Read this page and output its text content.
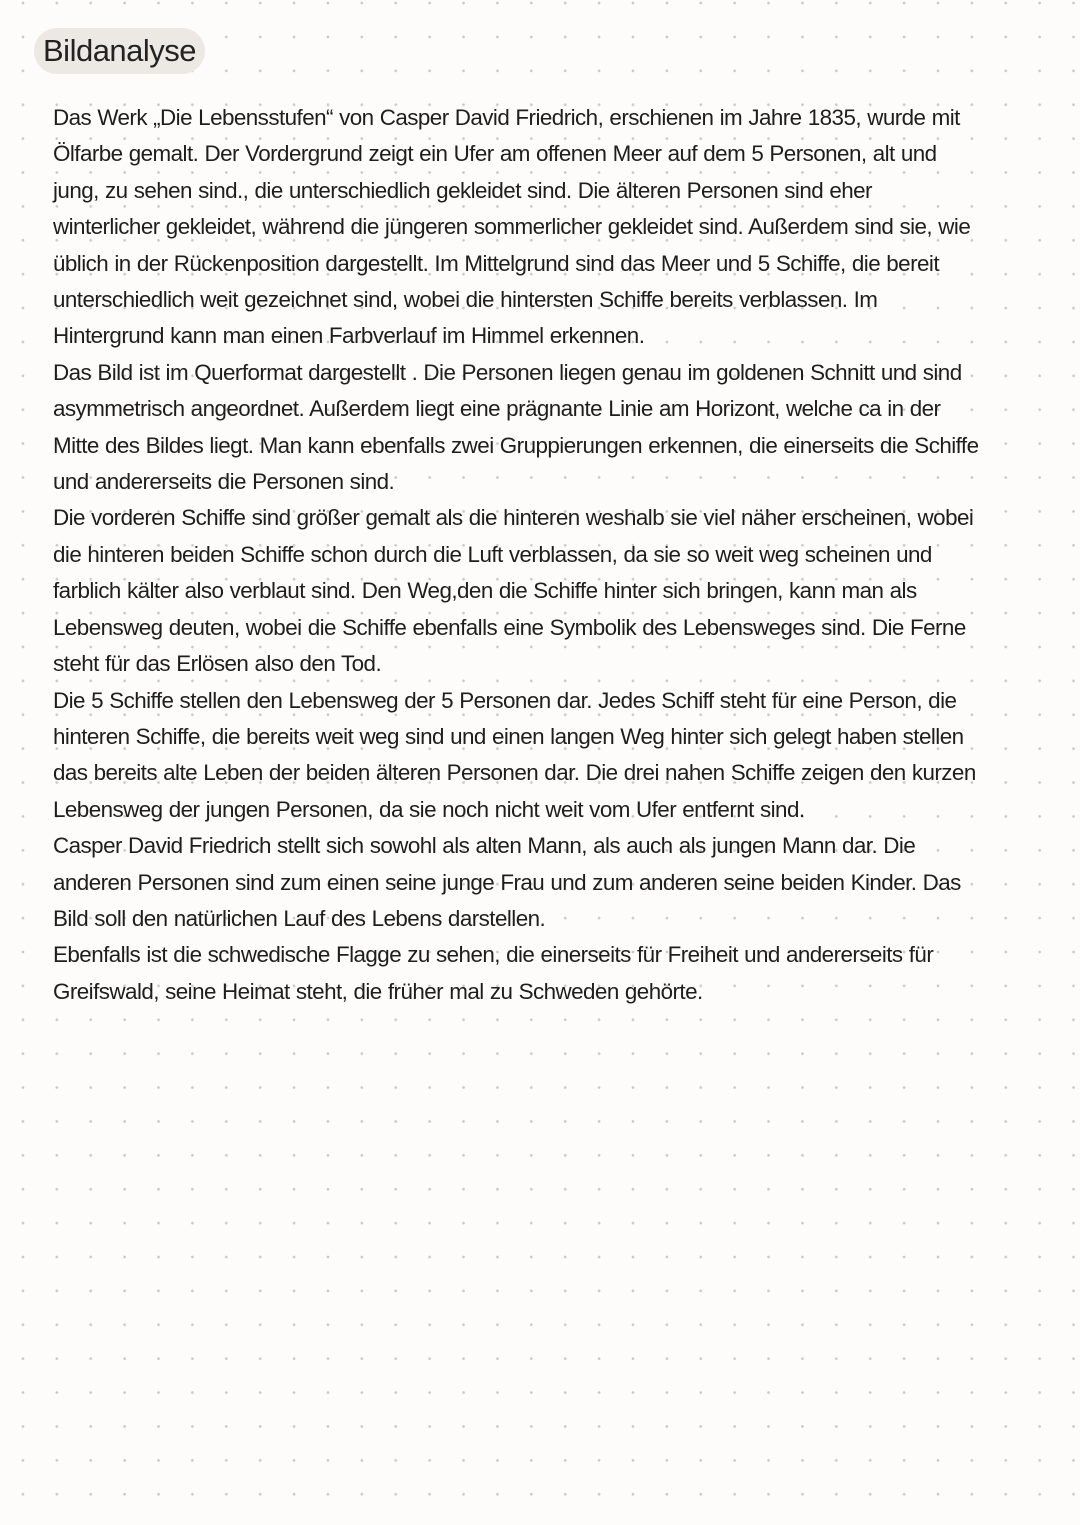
Bildanalyse

Das Werk „Die Lebensstufen“ von Casper David Friedrich, erschienen im Jahre 1835, wurde mit Ölfarbe gemalt. Der Vordergrund zeigt ein Ufer am offenen Meer auf dem 5 Personen, alt und jung, zu sehen sind., die unterschiedlich gekleidet sind. Die älteren Personen sind eher winterlicher gekleidet, während die jüngeren sommerlicher gekleidet sind. Außerdem sind sie, wie üblich in der Rückenposition dargestellt. Im Mittelgrund sind das Meer und 5 Schiffe, die bereit unterschiedlich weit gezeichnet sind, wobei die hintersten Schiffe bereits verblassen. Im Hintergrund kann man einen Farbverlauf im Himmel erkennen.

Das Bild ist im Querformat dargestellt . Die Personen liegen genau im goldenen Schnitt und sind asymmetrisch angeordnet. Außerdem liegt eine prägnante Linie am Horizont, welche ca in der Mitte des Bildes liegt. Man kann ebenfalls zwei Gruppierungen erkennen, die einerseits die Schiffe und andererseits die Personen sind.

Die vorderen Schiffe sind größer gemalt als die hinteren weshalb sie viel näher erscheinen, wobei die hinteren beiden Schiffe schon durch die Luft verblassen, da sie so weit weg scheinen und farblich kälter also verblaut sind. Den Weg,den die Schiffe hinter sich bringen, kann man als Lebensweg deuten, wobei die Schiffe ebenfalls eine Symbolik des Lebensweges sind. Die Ferne steht für das Erlösen also den Tod.

Die 5 Schiffe stellen den Lebensweg der 5 Personen dar. Jedes Schiff steht für eine Person, die hinteren Schiffe, die bereits weit weg sind und einen langen Weg hinter sich gelegt haben stellen das bereits alte Leben der beiden älteren Personen dar. Die drei nahen Schiffe zeigen den kurzen Lebensweg der jungen Personen, da sie noch nicht weit vom Ufer entfernt sind.

Casper David Friedrich stellt sich sowohl als alten Mann, als auch als jungen Mann dar. Die anderen Personen sind zum einen seine junge Frau und zum anderen seine beiden Kinder. Das Bild soll den natürlichen Lauf des Lebens darstellen.

Ebenfalls ist die schwedische Flagge zu sehen, die einerseits für Freiheit und andererseits für Greifswald, seine Heimat steht, die früher mal zu Schweden gehörte.
